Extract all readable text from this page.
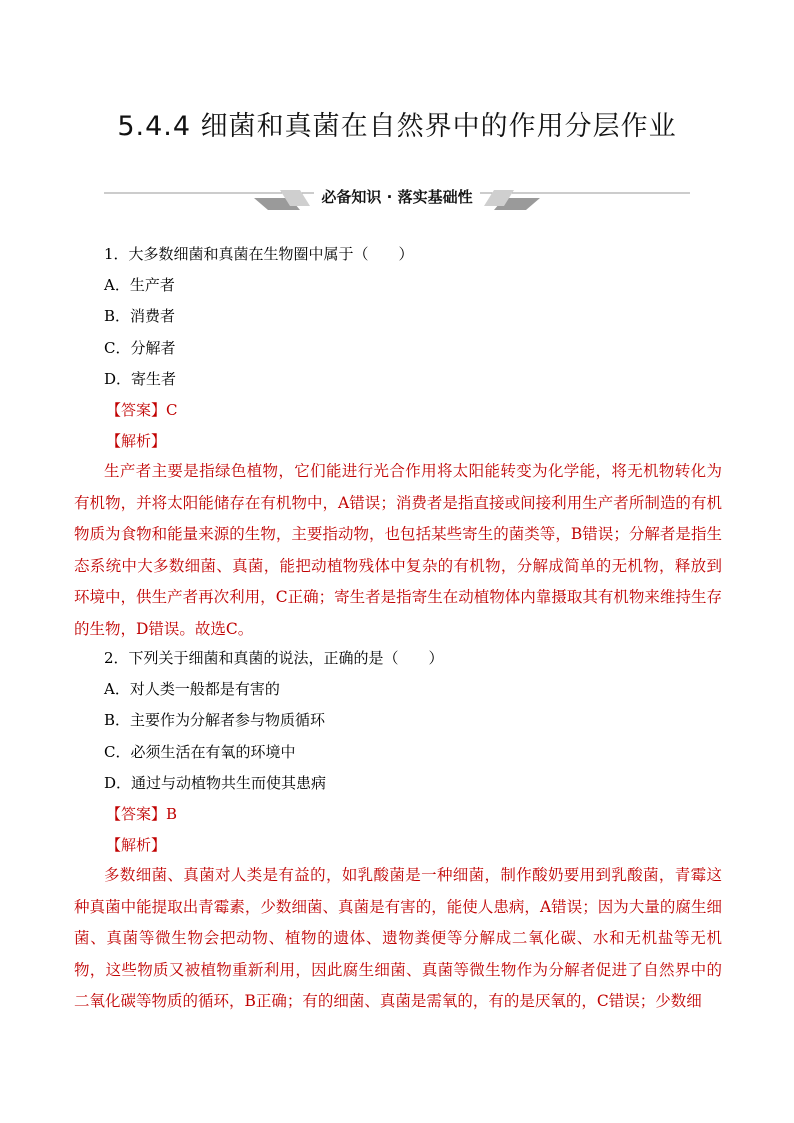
5.4.4 细菌和真菌在自然界中的作用分层作业
必备知识 · 落实基础性
1．大多数细菌和真菌在生物圈中属于（　　）
A．生产者
B．消费者
C．分解者
D．寄生者
【答案】C
【解析】
生产者主要是指绿色植物，它们能进行光合作用将太阳能转变为化学能，将无机物转化为有机物，并将太阳能储存在有机物中，A错误；消费者是指直接或间接利用生产者所制造的有机物质为食物和能量来源的生物，主要指动物，也包括某些寄生的菌类等，B错误；分解者是指生态系统中大多数细菌、真菌，能把动植物残体中复杂的有机物，分解成简单的无机物，释放到环境中，供生产者再次利用，C正确；寄生者是指寄生在动植物体内靠摄取其有机物来维持生存的生物，D错误。故选C。
2．下列关于细菌和真菌的说法，正确的是（　　）
A．对人类一般都是有害的
B．主要作为分解者参与物质循环
C．必须生活在有氧的环境中
D．通过与动植物共生而使其患病
【答案】B
【解析】
多数细菌、真菌对人类是有益的，如乳酸菌是一种细菌，制作酸奶要用到乳酸菌，青霉这种真菌中能提取出青霉素，少数细菌、真菌是有害的，能使人患病，A错误；因为大量的腐生细菌、真菌等微生物会把动物、植物的遗体、遗物粪便等分解成二氧化碳、水和无机盐等无机物，这些物质又被植物重新利用，因此腐生细菌、真菌等微生物作为分解者促进了自然界中的二氧化碳等物质的循环，B正确；有的细菌、真菌是需氧的，有的是厌氧的，C错误；少数细
